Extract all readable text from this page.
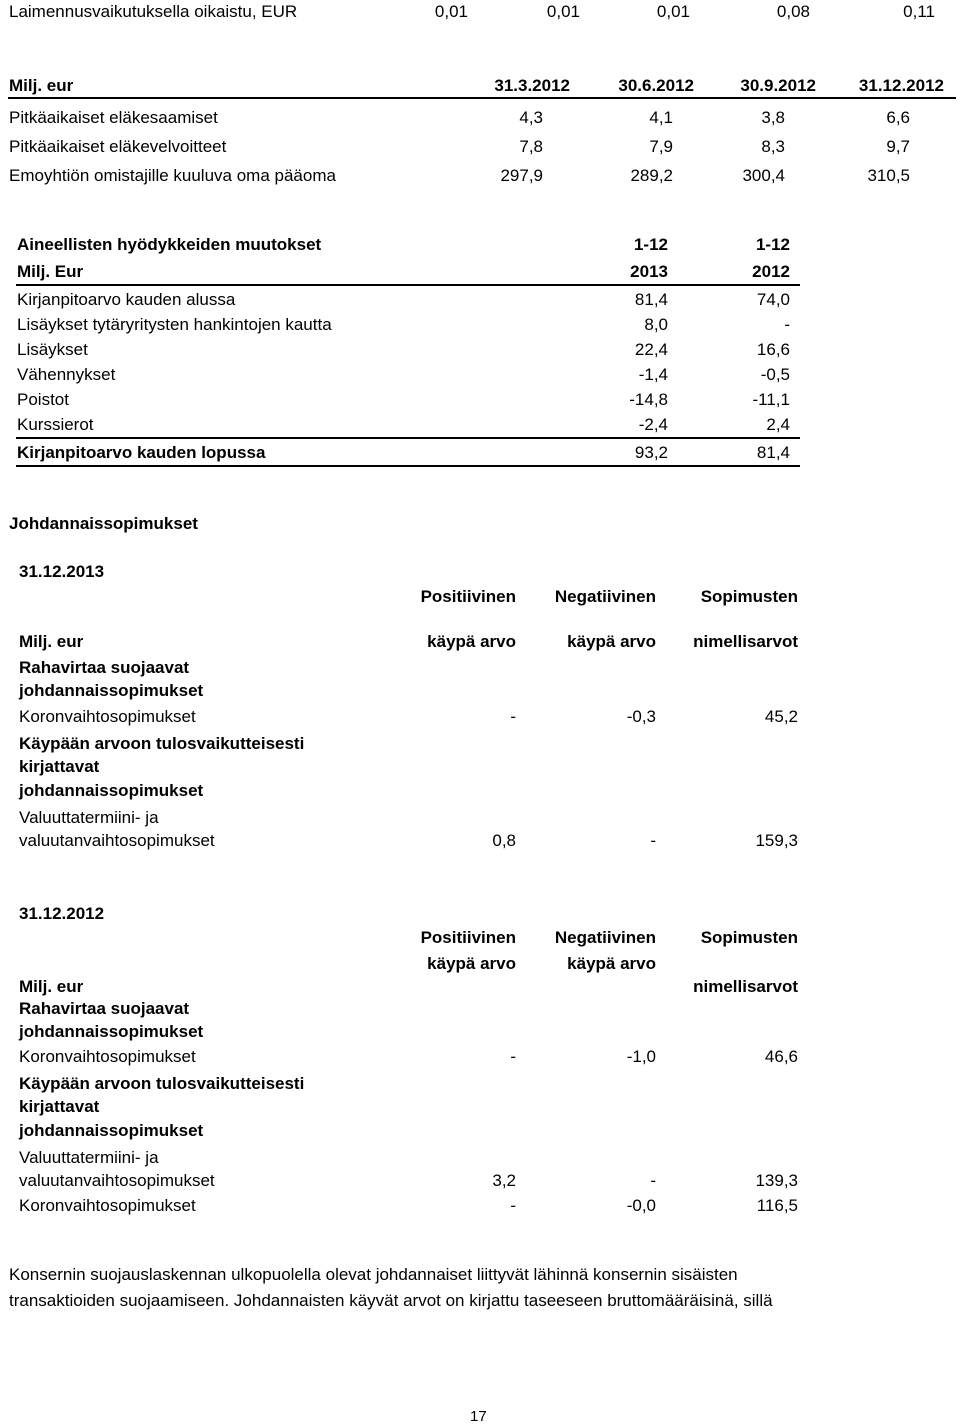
Laimennusvaikutuksella oikaistu, EUR	0,01	0,01	0,01	0,08	0,11
Milj. eur	31.3.2012	30.6.2012	30.9.2012	31.12.2012
Pitkäaikaiset eläkesaamiset	4,3	4,1	3,8	6,6
Pitkäaikaiset eläkevelvoitteet	7,8	7,9	8,3	9,7
Emoyhtiön omistajille kuuluva oma pääoma	297,9	289,2	300,4	310,5
Aineellisten hyödykkeiden muutokset	1-12	1-12
Milj. Eur	2013	2012
Kirjanpitoarvo kauden alussa	81,4	74,0
Lisäykset tytäryritysten hankintojen kautta	8,0	-
Lisäykset	22,4	16,6
Vähennykset	-1,4	-0,5
Poistot	-14,8	-11,1
Kurssierot	-2,4	2,4
Kirjanpitoarvo kauden lopussa	93,2	81,4
Johdannaissopimukset
31.12.2013
Positiivinen	Negatiivinen	Sopimusten
Milj. eur	käypä arvo	käypä arvo	nimellisarvot
Rahavirtaa suojaavat
johdannaissopimukset
Koronvaihtosopimukset	-	-0,3	45,2
Käypään arvoon tulosvaikutteisesti
kirjattavat
johdannaissopimukset
Valuuttatermiini- ja
valuutanvaihtosopimukset	0,8	-	159,3
31.12.2012
Positiivinen	Negatiivinen	Sopimusten
käypä arvo	käypä arvo
Milj. eur	nimellisarvot
Rahavirtaa suojaavat
johdannaissopimukset
Koronvaihtosopimukset	-	-1,0	46,6
Käypään arvoon tulosvaikutteisesti
kirjattavat
johdannaissopimukset
Valuuttatermiini- ja
valuutanvaihtosopimukset	3,2	-	139,3
Koronvaihtosopimukset	-	-0,0	116,5
Konsernin suojauslaskennan ulkopuolella olevat johdannaiset liittyvät lähinnä konsernin sisäisten
transaktioiden suojaamiseen. Johdannaisten käyvät arvot on kirjattu taseeseen bruttomääräisinä, sillä
17
